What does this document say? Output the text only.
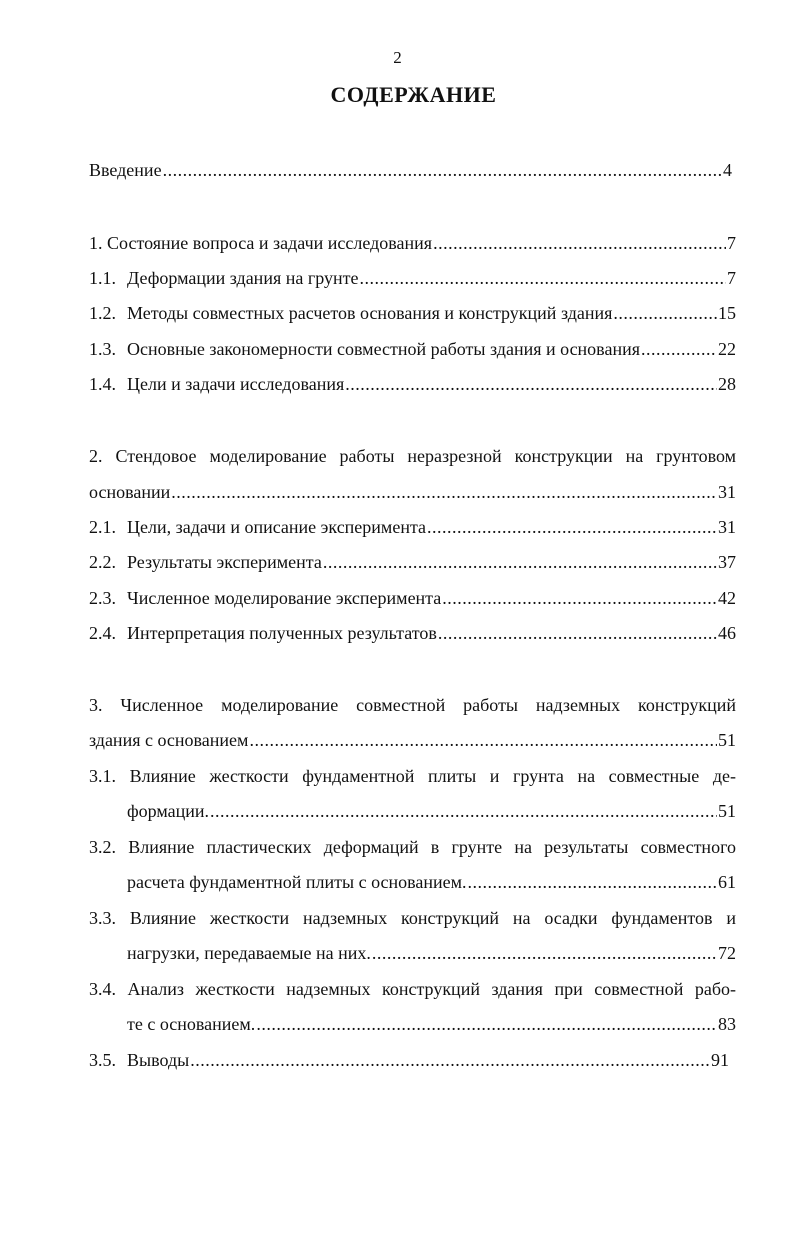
2
СОДЕРЖАНИЕ
Введение .....	4
1.
Состояние вопроса и задачи исследования .....	7
1.1. Деформации здания на грунте .....	7
1.2. Методы совместных расчетов основания и конструкций здания .....	15
1.3. Основные закономерности совместной работы здания и основания .....	22
1.4. Цели и задачи исследования .....	28
2. Стендовое моделирование работы неразрезной конструкции на грунтовом
основании .....	31
2.1. Цели, задачи и описание эксперимента .....	31
2.2. Результаты эксперимента .....	37
2.3. Численное моделирование эксперимента .....	42
2.4. Интерпретация полученных результатов .....	46
3. Численное моделирование совместной работы надземных конструкций
здания с основанием .....	51
3.1. Влияние жесткости фундаментной плиты и грунта на совместные де-
формации. .....	51
3.2. Влияние пластических деформаций в грунте на результаты совместного
расчета фундаментной плиты с основанием. .....	61
3.3. Влияние жесткости надземных конструкций на осадки фундаментов и
нагрузки, передаваемые на них. .....	72
3.4. Анализ жесткости надземных конструкций здания при совместной рабо-
те с основанием. .....	83
3.5. Выводы .....	91
